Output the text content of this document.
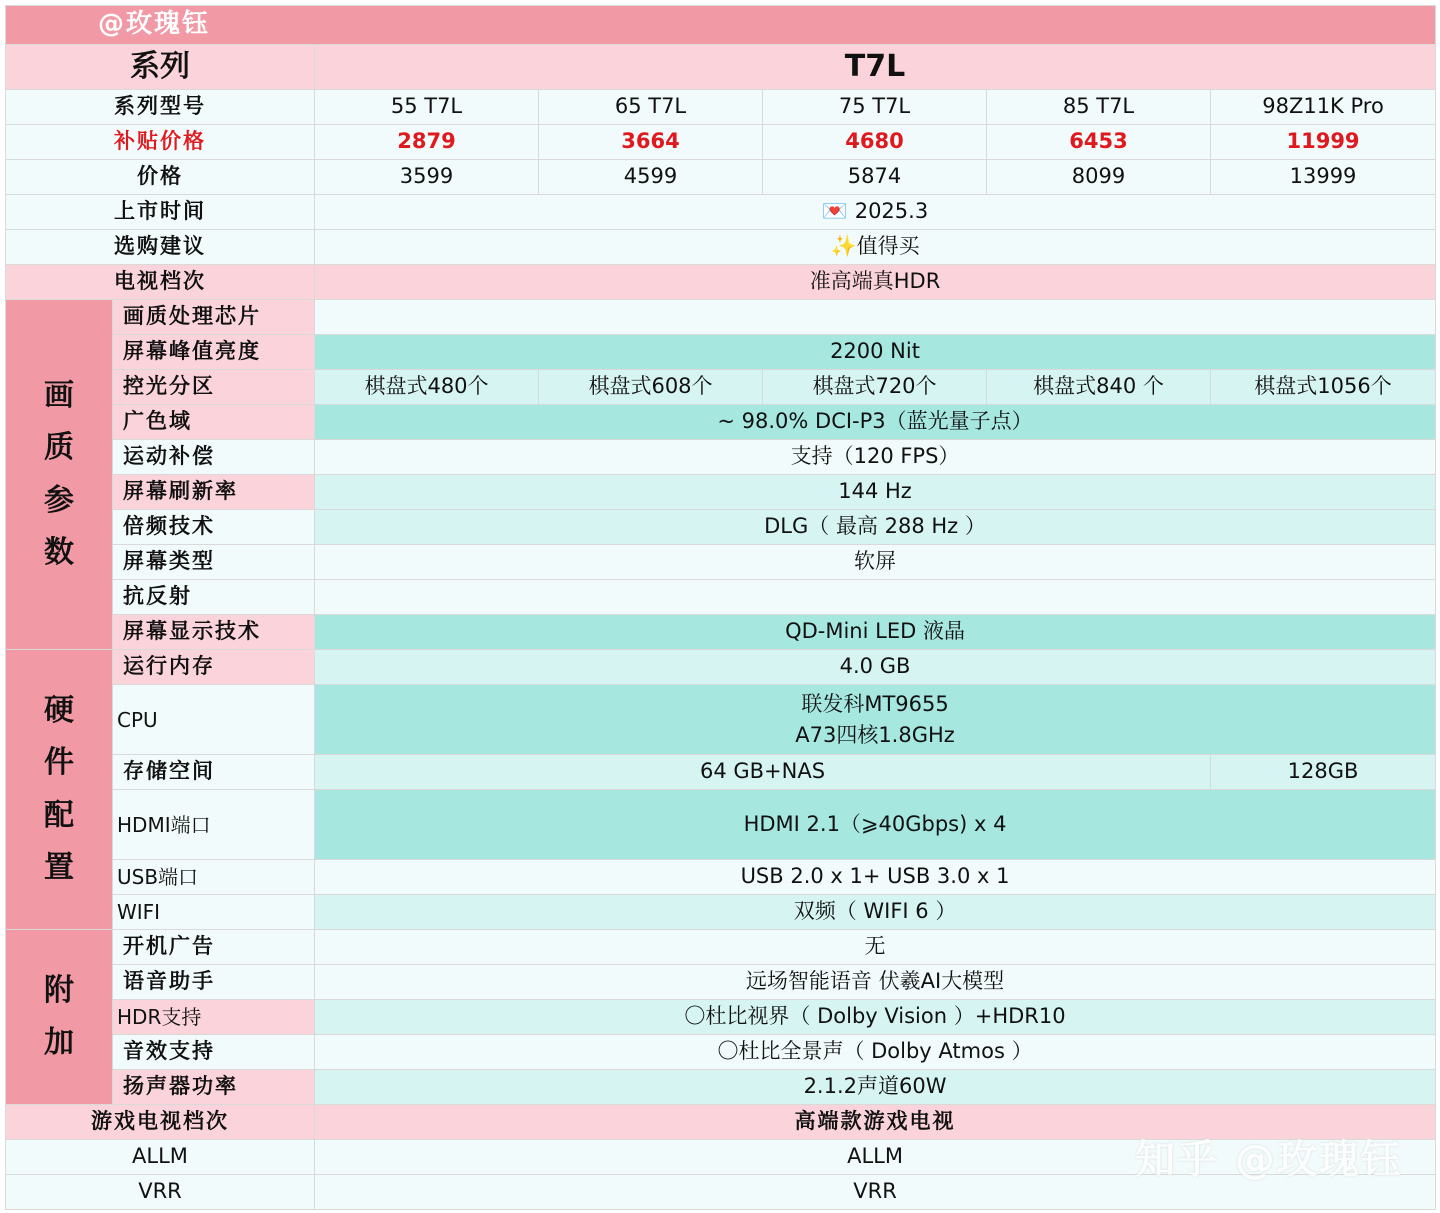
@玫瑰钰						
系列		T7L				
系列型号		55 T7L	65 T7L	75 T7L	85 T7L	98Z11K Pro
补贴价格		2879	3664	4680	6453	11999
价格		3599	4599	5874	8099	13999
上市时间		💌 2025.3				
选购建议		✨值得买				
电视档次		准高端真HDR				
画质参数	画质处理芯片					
	屏幕峰值亮度	2200 Nit				
	控光分区	棋盘式480个	棋盘式608个	棋盘式720个	棋盘式840 个	棋盘式1056个
	广色域	~ 98.0% DCI-P3（蓝光量子点）				
	运动补偿	支持（120 FPS）				
	屏幕刷新率	144 Hz				
	倍频技术	DLG（ 最高 288 Hz ）				
	屏幕类型	软屏				
	抗反射					
	屏幕显示技术	QD-Mini LED 液晶				
硬件配置	运行内存	4.0 GB				
	CPU	联发科MT9655
A73四核1.8GHz				

	存储空间	64 GB+NAS				128GB
	HDMI端口	HDMI 2.1（⩾40Gbps) x 4				
	USB端口	USB 2.0 x 1+ USB 3.0 x 1				
	WIFI	双频（ WIFI 6 ）				
附加	开机广告	无				
	语音助手	远场智能语音 伏羲AI大模型				
	HDR支持	〇杜比视界（ Dolby Vision ）+HDR10				
	音效支持	〇杜比全景声（ Dolby Atmos ）				
	扬声器功率	2.1.2声道60W				
游戏电视档次		高端款游戏电视				
ALLM		ALLM				
VRR		VRR				
知乎 @玫瑰钰
